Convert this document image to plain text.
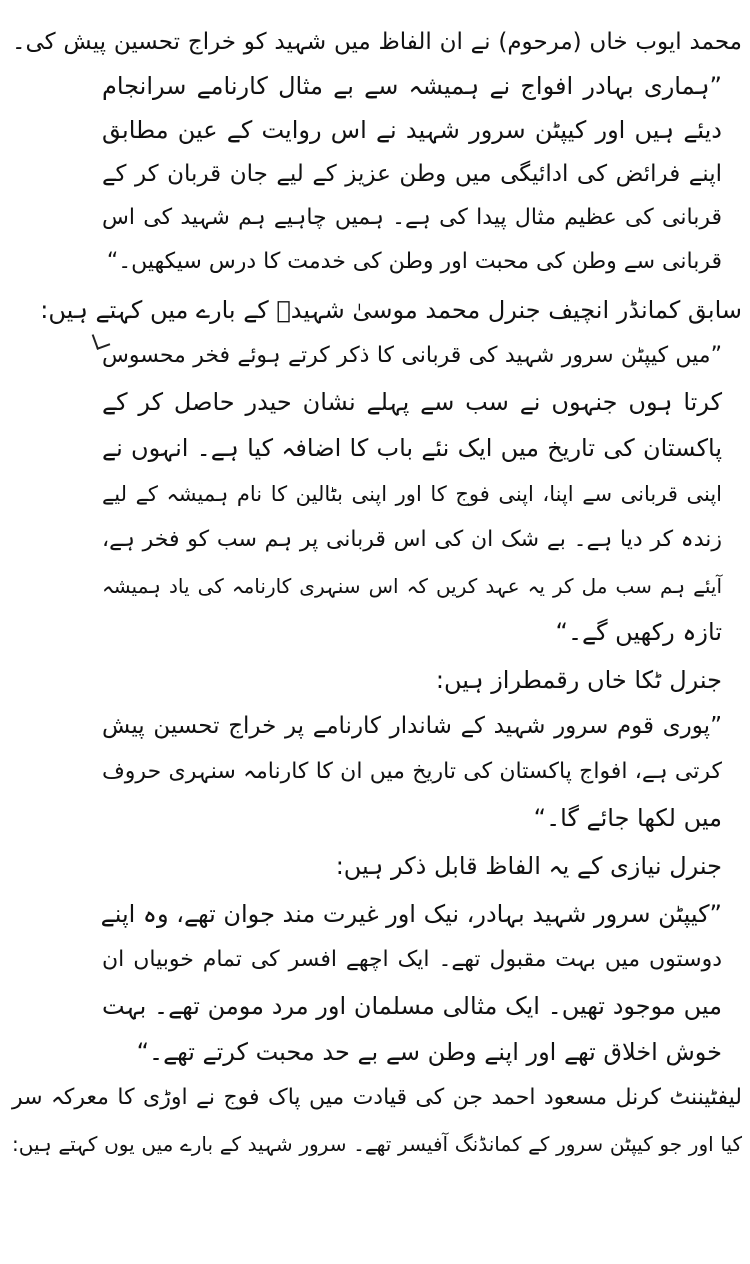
محمد ایوب خاں (مرحوم) نے ان الفاظ میں شہید کو خراج تحسین پیش کی۔
”ہماری بہادر افواج نے ہمیشہ سے بے مثال کارنامے سرانجام
دیئے ہیں اور کیپٹن سرور شہید نے اس روایت کے عین مطابق
اپنے فرائض کی ادائیگی میں وطن عزیز کے لیے جان قربان کر کے
قربانی کی عظیم مثال پیدا کی ہے۔ ہمیں چاہیے ہم شہید کی اس
قربانی سے وطن کی محبت اور وطن کی خدمت کا درس سیکھیں۔“
سابق کمانڈر انچیف جنرل محمد موسیٰ شہیدؔ کے بارے میں کہتے ہیں:
”میں کیپٹن سرور شہید کی قربانی کا ذکر کرتے ہوئے فخر محسوس
کرتا ہوں جنہوں نے سب سے پہلے نشان حیدر حاصل کر کے
پاکستان کی تاریخ میں ایک نئے باب کا اضافہ کیا ہے۔ انہوں نے
اپنی قربانی سے اپنا، اپنی فوج کا اور اپنی بٹالین کا نام ہمیشہ کے لیے
زندہ کر دیا ہے۔ بے شک ان کی اس قربانی پر ہم سب کو فخر ہے،
آیئے ہم سب مل کر یہ عہد کریں کہ اس سنہری کارنامہ کی یاد ہمیشہ
تازہ رکھیں گے۔“
جنرل ٹکا خاں رقمطراز ہیں:
”پوری قوم سرور شہید کے شاندار کارنامے پر خراج تحسین پیش
کرتی ہے، افواج پاکستان کی تاریخ میں ان کا کارنامہ سنہری حروف
میں لکھا جائے گا۔“
جنرل نیازی کے یہ الفاظ قابل ذکر ہیں:
”کیپٹن سرور شہید بہادر، نیک اور غیرت مند جوان تھے، وہ اپنے
دوستوں میں بہت مقبول تھے۔ ایک اچھے افسر کی تمام خوبیاں ان
میں موجود تھیں۔ ایک مثالی مسلمان اور مرد مومن تھے۔ بہت
خوش اخلاق تھے اور اپنے وطن سے بے حد محبت کرتے تھے۔“
لیفٹیننٹ کرنل مسعود احمد جن کی قیادت میں پاک فوج نے اوڑی کا معرکہ سر
کیا اور جو کیپٹن سرور کے کمانڈنگ آفیسر تھے۔ سرور شہید کے بارے میں یوں کہتے ہیں:
